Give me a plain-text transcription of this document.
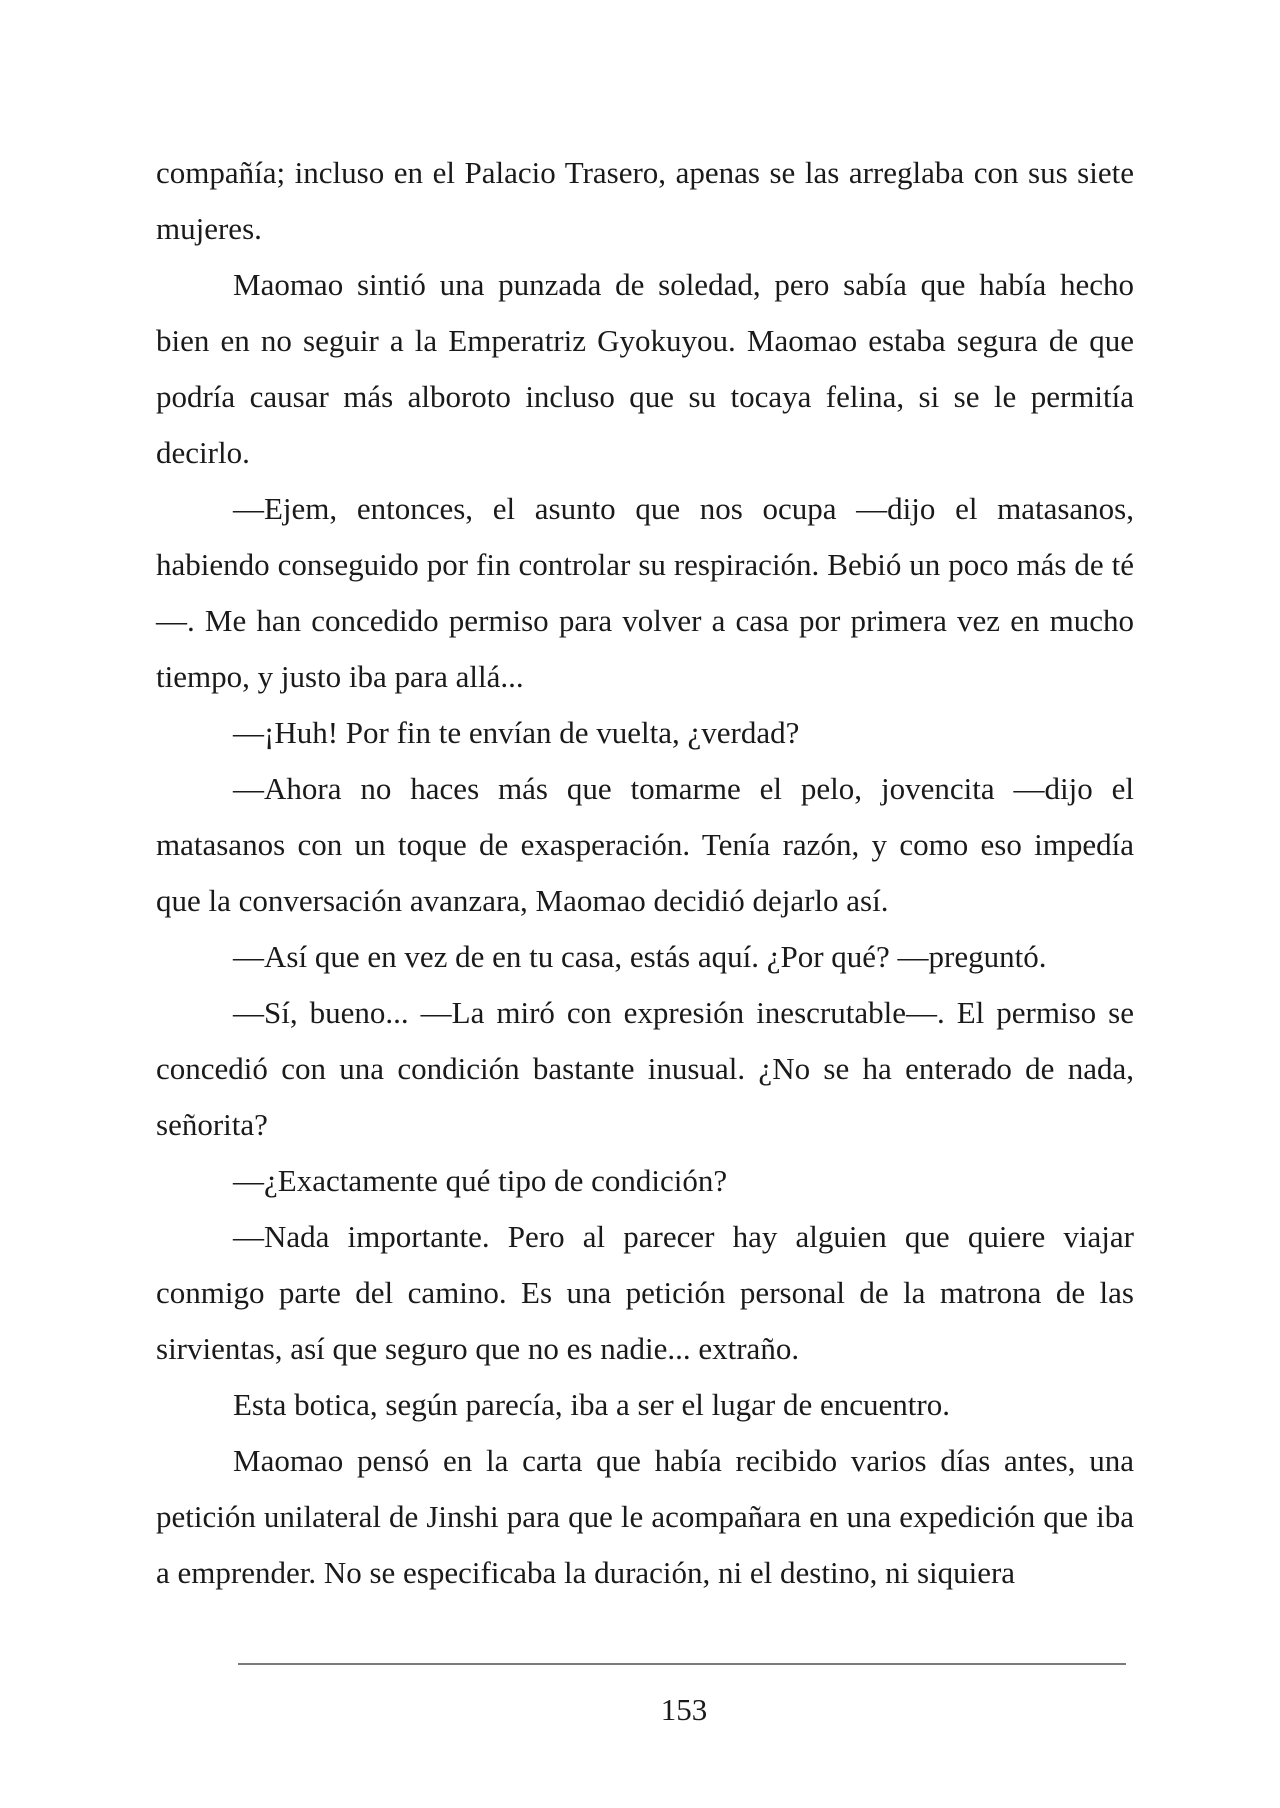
compañía; incluso en el Palacio Trasero, apenas se las arreglaba con sus siete mujeres.

Maomao sintió una punzada de soledad, pero sabía que había hecho bien en no seguir a la Emperatriz Gyokuyou. Maomao estaba segura de que podría causar más alboroto incluso que su tocaya felina, si se le permitía decirlo.

—Ejem, entonces, el asunto que nos ocupa —dijo el matasanos, habiendo conseguido por fin controlar su respiración. Bebió un poco más de té—. Me han concedido permiso para volver a casa por primera vez en mucho tiempo, y justo iba para allá...

—¡Huh! Por fin te envían de vuelta, ¿verdad?

—Ahora no haces más que tomarme el pelo, jovencita —dijo el matasanos con un toque de exasperación. Tenía razón, y como eso impedía que la conversación avanzara, Maomao decidió dejarlo así.

—Así que en vez de en tu casa, estás aquí. ¿Por qué? —preguntó.

—Sí, bueno... —La miró con expresión inescrutable—. El permiso se concedió con una condición bastante inusual. ¿No se ha enterado de nada, señorita?

—¿Exactamente qué tipo de condición?

—Nada importante. Pero al parecer hay alguien que quiere viajar conmigo parte del camino. Es una petición personal de la matrona de las sirvientas, así que seguro que no es nadie... extraño.

Esta botica, según parecía, iba a ser el lugar de encuentro.

Maomao pensó en la carta que había recibido varios días antes, una petición unilateral de Jinshi para que le acompañara en una expedición que iba a emprender. No se especificaba la duración, ni el destino, ni siquiera

153
